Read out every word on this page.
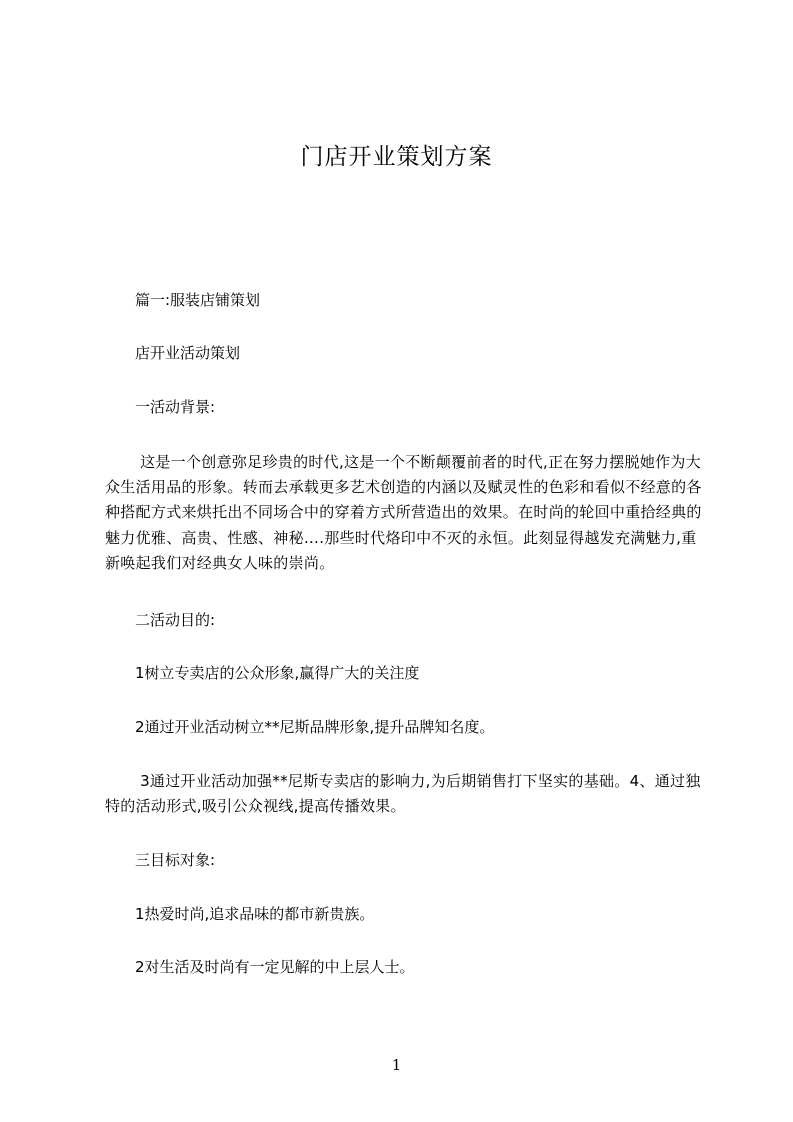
门店开业策划方案
篇一:服装店铺策划
店开业活动策划
一活动背景:
这是一个创意弥足珍贵的时代,这是一个不断颠覆前者的时代,正在努力摆脱她作为大众生活用品的形象。转而去承载更多艺术创造的内涵以及赋灵性的色彩和看似不经意的各种搭配方式来烘托出不同场合中的穿着方式所营造出的效果。在时尚的轮回中重拾经典的魅力优雅、高贵、性感、神秘….那些时代烙印中不灭的永恒。此刻显得越发充满魅力,重新唤起我们对经典女人味的崇尚。
二活动目的:
1树立专卖店的公众形象,赢得广大的关注度
2通过开业活动树立**尼斯品牌形象,提升品牌知名度。
3通过开业活动加强**尼斯专卖店的影响力,为后期销售打下坚实的基础。4、通过独特的活动形式,吸引公众视线,提高传播效果。
三目标对象:
1热爱时尚,追求品味的都市新贵族。
2对生活及时尚有一定见解的中上层人士。
1
